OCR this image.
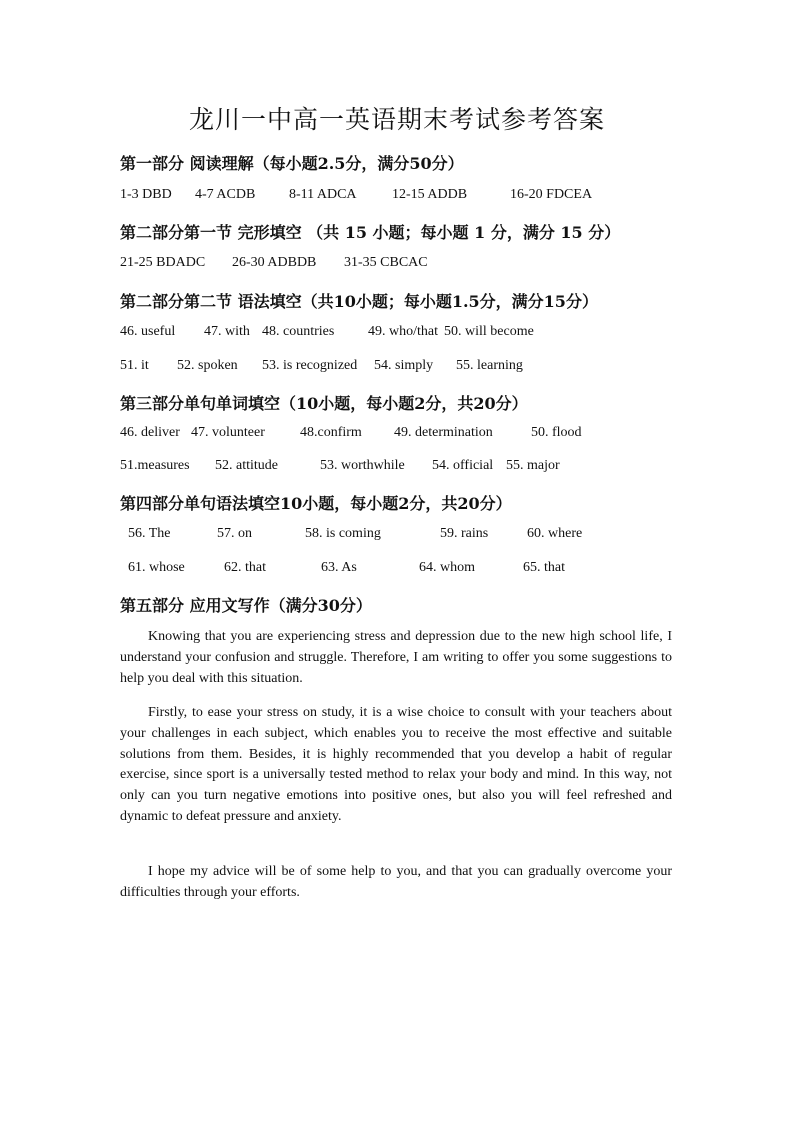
龙川一中高一英语期末考试参考答案
第一部分 阅读理解（每小题2.5分，满分50分）
1-3 DBD 4-7 ACDB 8-11 ADCA	12-15 ADDB	16-20 FDCEA
第二部分第一节 完形填空 （共 15 小题；每小题 1 分，满分 15 分）
21-25 BDADC 26-30 ADBDB 31-35 CBCAC
第二部分第二节 语法填空（共10小题；每小题1.5分，满分15分）
46. useful 47. with 48. countries 49. who/that 50. will become
51. it 52. spoken 53. is recognized 54. simply 55. learning
第三部分单句单词填空（10小题，每小题2分，共20分）
46. deliver 47. volunteer	48.confirm 49. determination	50. flood
51.measures 52. attitude	53. worthwhile 54. official 55. major
第四部分单句语法填空10小题，每小题2分，共20分）
56. The	57. on	58. is coming	59. rains	60. where
61. whose	62. that	63. As	64. whom	65. that
第五部分 应用文写作（满分30分）

Knowing that you are experiencing stress and depression due to the new high school life, I understand your confusion and struggle. Therefore, I am writing to offer you some suggestions to help you deal with this situation.

Firstly, to ease your stress on study, it is a wise choice to consult with your teachers about your challenges in each subject, which enables you to receive the most effective and suitable solutions from them. Besides, it is highly recommended that you develop a habit of regular exercise, since sport is a universally tested method to relax your body and mind. In this way, not only can you turn negative emotions into positive ones, but also you will feel refreshed and dynamic to defeat pressure and anxiety.

I hope my advice will be of some help to you, and that you can gradually overcome your difficulties through your efforts.
